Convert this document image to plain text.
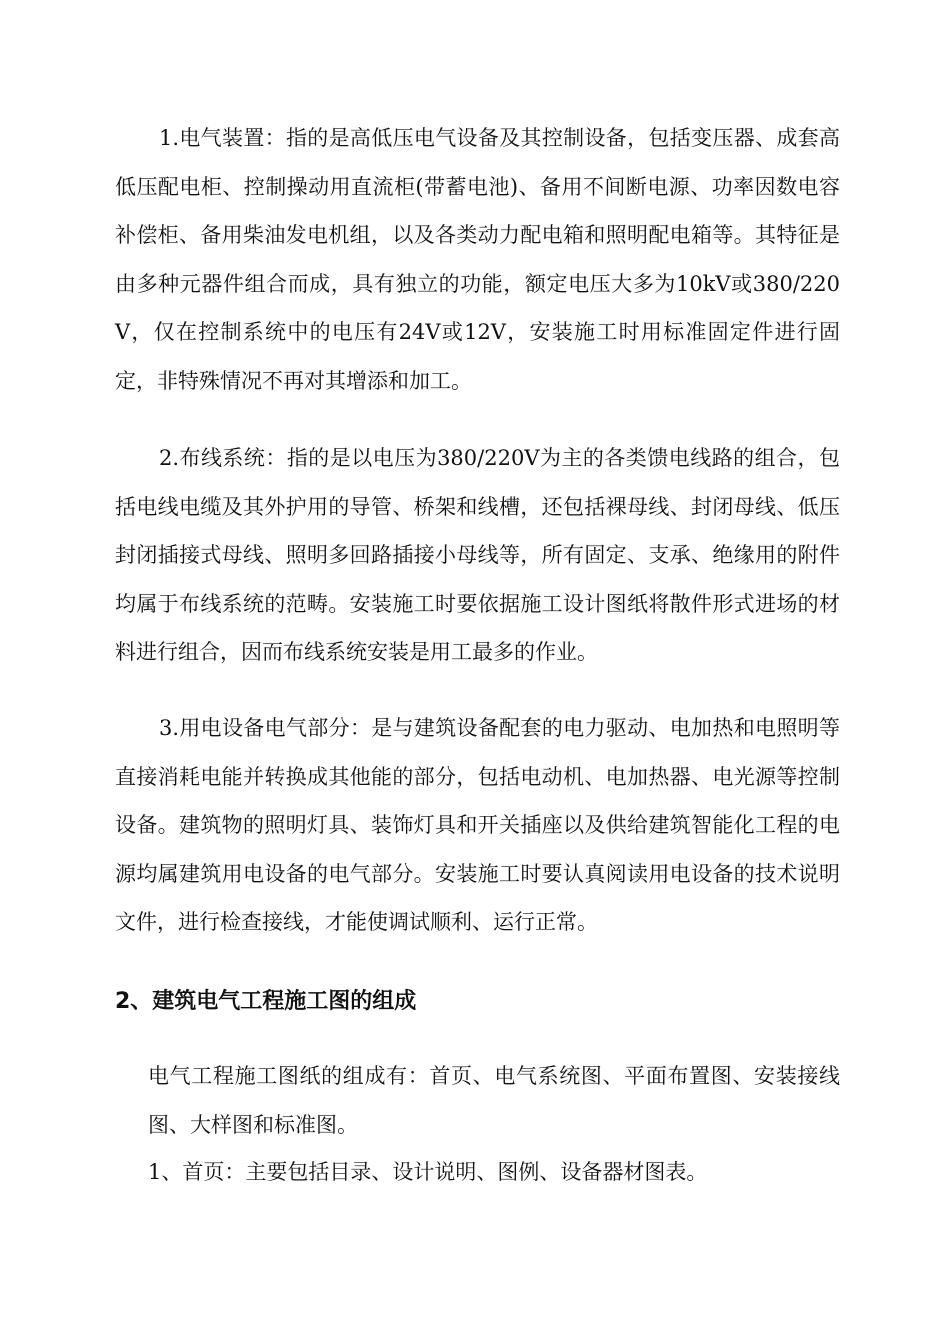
1.电气装置：指的是高低压电气设备及其控制设备，包括变压器、成套高低压配电柜、控制操动用直流柜(带蓄电池)、备用不间断电源、功率因数电容补偿柜、备用柴油发电机组，以及各类动力配电箱和照明配电箱等。其特征是由多种元器件组合而成，具有独立的功能，额定电压大多为10kV或380/220V，仅在控制系统中的电压有24V或12V，安装施工时用标准固定件进行固定，非特殊情况不再对其增添和加工。

2.布线系统：指的是以电压为380/220V为主的各类馈电线路的组合，包括电线电缆及其外护用的导管、桥架和线槽，还包括裸母线、封闭母线、低压封闭插接式母线、照明多回路插接小母线等，所有固定、支承、绝缘用的附件均属于布线系统的范畴。安装施工时要依据施工设计图纸将散件形式进场的材料进行组合，因而布线系统安装是用工最多的作业。

3.用电设备电气部分：是与建筑设备配套的电力驱动、电加热和电照明等直接消耗电能并转换成其他能的部分，包括电动机、电加热器、电光源等控制设备。建筑物的照明灯具、装饰灯具和开关插座以及供给建筑智能化工程的电源均属建筑用电设备的电气部分。安装施工时要认真阅读用电设备的技术说明文件，进行检查接线，才能使调试顺利、运行正常。

2、建筑电气工程施工图的组成

电气工程施工图纸的组成有：首页、电气系统图、平面布置图、安装接线图、大样图和标准图。

1、首页：主要包括目录、设计说明、图例、设备器材图表。
